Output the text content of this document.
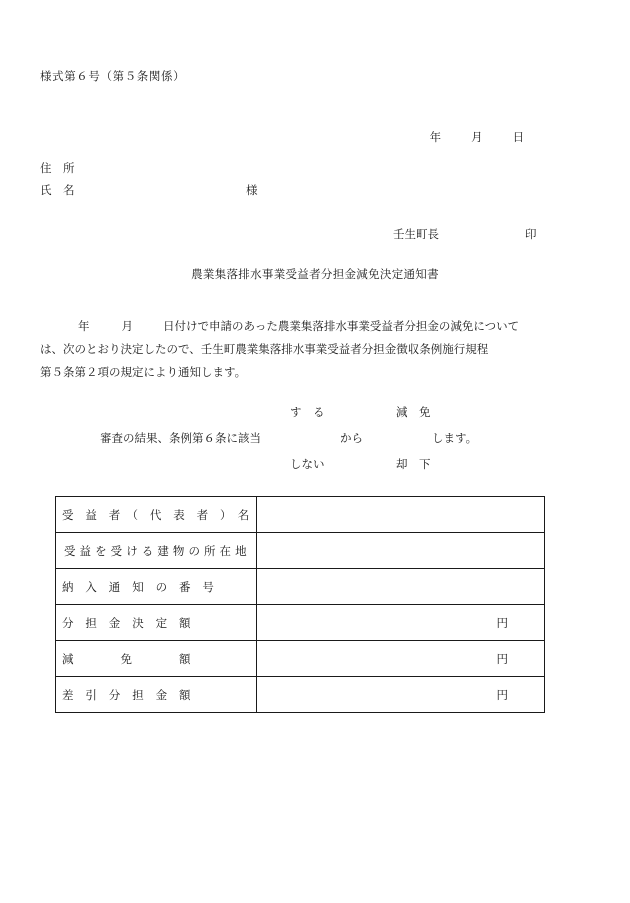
様式第６号（第５条関係）

年	月	日

住　所
氏　名	様
壬生町長	印
農業集落排水事業受益者分担金減免決定通知書
年	月	日付けで申請のあった農業集落排水事業受益者分担金の減免について
は、次のとおり決定したので、壬生町農業集落排水事業受益者分担金徴収条例施行規程
第５条第２項の規定により通知します。
す　る	減　免
審査の結果、条例第６条に該当	から	します。
しない	却　下
受　益　者　（　代　表　者　）　名	

受 益 を 受 け る 建 物 の 所 在 地	

納　入　通　知　の　番　号	

分　担　金　決　定　額	円

減　　　　免　　　　額	円

差　引　分　担　金　額	円
